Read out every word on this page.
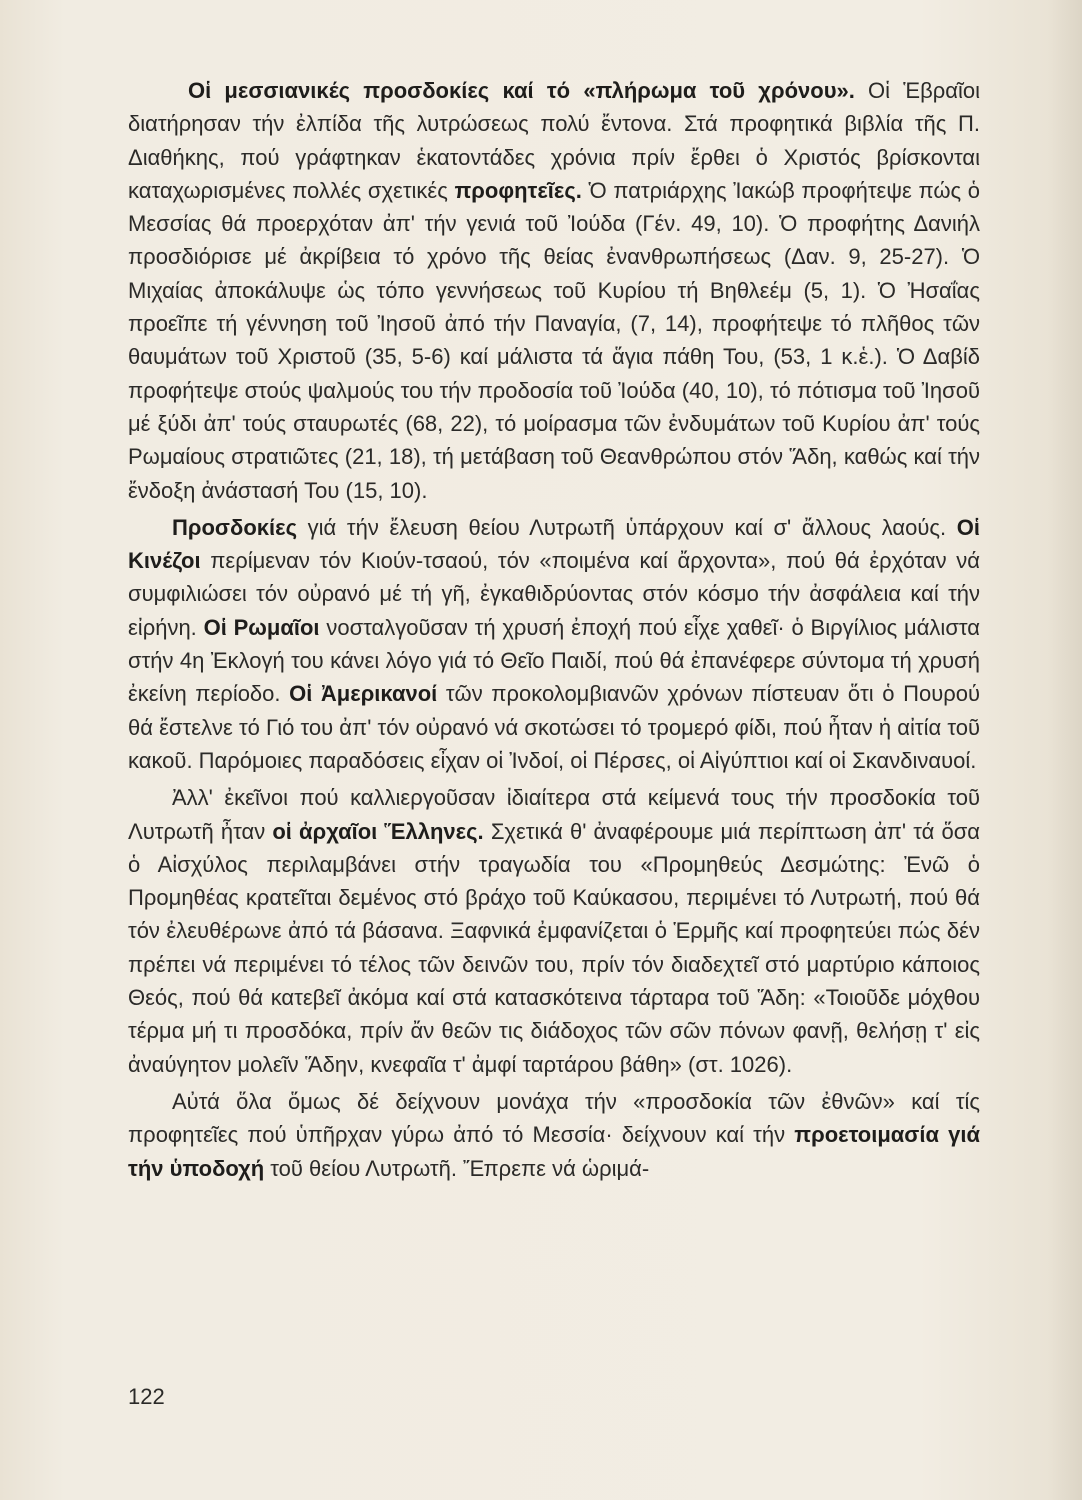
Οἱ μεσσιανικές προσδοκίες καί τό «πλήρωμα τοῦ χρόνου». Οἱ Ἑβραῖοι διατήρησαν τήν ἐλπίδα τῆς λυτρώσεως πολύ ἔντονα. Στά προφητικά βιβλία τῆς Π. Διαθήκης, πού γράφτηκαν ἑκατοντάδες χρόνια πρίν ἔρθει ὁ Χριστός βρίσκονται καταχωρισμένες πολλές σχετικές προφητεῖες. Ὁ πατριάρχης Ἰακώβ προφήτεψε πώς ὁ Μεσσίας θά προερχόταν ἀπ' τήν γενιά τοῦ Ἰούδα (Γέν. 49, 10). Ὁ προφήτης Δανιήλ προσδιόρισε μέ ἀκρίβεια τό χρόνο τῆς θείας ἐνανθρωπήσεως (Δαν. 9, 25-27). Ὁ Μιχαίας ἀποκάλυψε ὡς τόπο γεννήσεως τοῦ Κυρίου τή Βηθλεέμ (5, 1). Ὁ Ἠσαΐας προεῖπε τή γέννηση τοῦ Ἰησοῦ ἀπό τήν Παναγία, (7, 14), προφήτεψε τό πλῆθος τῶν θαυμάτων τοῦ Χριστοῦ (35, 5-6) καί μάλιστα τά ἅγια πάθη Του, (53, 1 κ.ἑ.). Ὁ Δαβίδ προφήτεψε στούς ψαλμούς του τήν προδοσία τοῦ Ἰούδα (40, 10), τό πότισμα τοῦ Ἰησοῦ μέ ξύδι ἀπ' τούς σταυρωτές (68, 22), τό μοίρασμα τῶν ἐνδυμάτων τοῦ Κυρίου ἀπ' τούς Ρωμαίους στρατιῶτες (21, 18), τή μετάβαση τοῦ Θεανθρώπου στόν Ἅδη, καθώς καί τήν ἔνδοξη ἀνάστασή Του (15, 10).

Προσδοκίες γιά τήν ἔλευση θείου Λυτρωτῆ ὑπάρχουν καί σ' ἄλλους λαούς. Οἱ Κινέζοι περίμεναν τόν Κιούν-τσαού, τόν «ποιμένα καί ἄρχοντα», πού θά ἐρχόταν νά συμφιλιώσει τόν οὐρανό μέ τή γῆ, ἐγκαθιδρύοντας στόν κόσμο τήν ἀσφάλεια καί τήν εἰρήνη. Οἱ Ρωμαῖοι νοσταλγοῦσαν τή χρυσή ἐποχή πού εἶχε χαθεῖ· ὁ Βιργίλιος μάλιστα στήν 4η Ἐκλογή του κάνει λόγο γιά τό Θεῖο Παιδί, πού θά ἐπανέφερε σύντομα τή χρυσή ἐκείνη περίοδο. Οἱ Ἀμερικανοί τῶν προκολομβιανῶν χρόνων πίστευαν ὅτι ὁ Πουρού θά ἔστελνε τό Γιό του ἀπ' τόν οὐρανό νά σκοτώσει τό τρομερό φίδι, πού ἦταν ἡ αἰτία τοῦ κακοῦ. Παρόμοιες παραδόσεις εἶχαν οἱ Ἰνδοί, οἱ Πέρσες, οἱ Αἰγύπτιοι καί οἱ Σκανδιναυοί.

Ἀλλ' ἐκεῖνοι πού καλλιεργοῦσαν ἰδιαίτερα στά κείμενά τους τήν προσδοκία τοῦ Λυτρωτῆ ἦταν οἱ ἀρχαῖοι Ἕλληνες. Σχετικά θ' ἀναφέρουμε μιά περίπτωση ἀπ' τά ὅσα ὁ Αἰσχύλος περιλαμβάνει στήν τραγωδία του «Προμηθεύς Δεσμώτης: Ἐνῶ ὁ Προμηθέας κρατεῖται δεμένος στό βράχο τοῦ Καύκασου, περιμένει τό Λυτρωτή, πού θά τόν ἐλευθέρωνε ἀπό τά βάσανα. Ξαφνικά ἐμφανίζεται ὁ Ἑρμῆς καί προφητεύει πώς δέν πρέπει νά περιμένει τό τέλος τῶν δεινῶν του, πρίν τόν διαδεχτεῖ στό μαρτύριο κάποιος Θεός, πού θά κατεβεῖ ἀκόμα καί στά κατασκότεινα τάρταρα τοῦ Ἅδη: «Τοιοῦδε μόχθου τέρμα μή τι προσδόκα, πρίν ἄν θεῶν τις διάδοχος τῶν σῶν πόνων φανῇ, θελήσῃ τ' εἰς ἀναύγητον μολεῖν Ἅδην, κνεφαῖα τ' ἀμφί ταρτάρου βάθη» (στ. 1026).

Αὐτά ὅλα ὅμως δέ δείχνουν μονάχα τήν «προσδοκία τῶν ἐθνῶν» καί τίς προφητεῖες πού ὑπῆρχαν γύρω ἀπό τό Μεσσία· δείχνουν καί τήν προετοιμασία γιά τήν ὑποδοχή τοῦ θείου Λυτρωτῆ. Ἔπρεπε νά ὡριμά-

122
